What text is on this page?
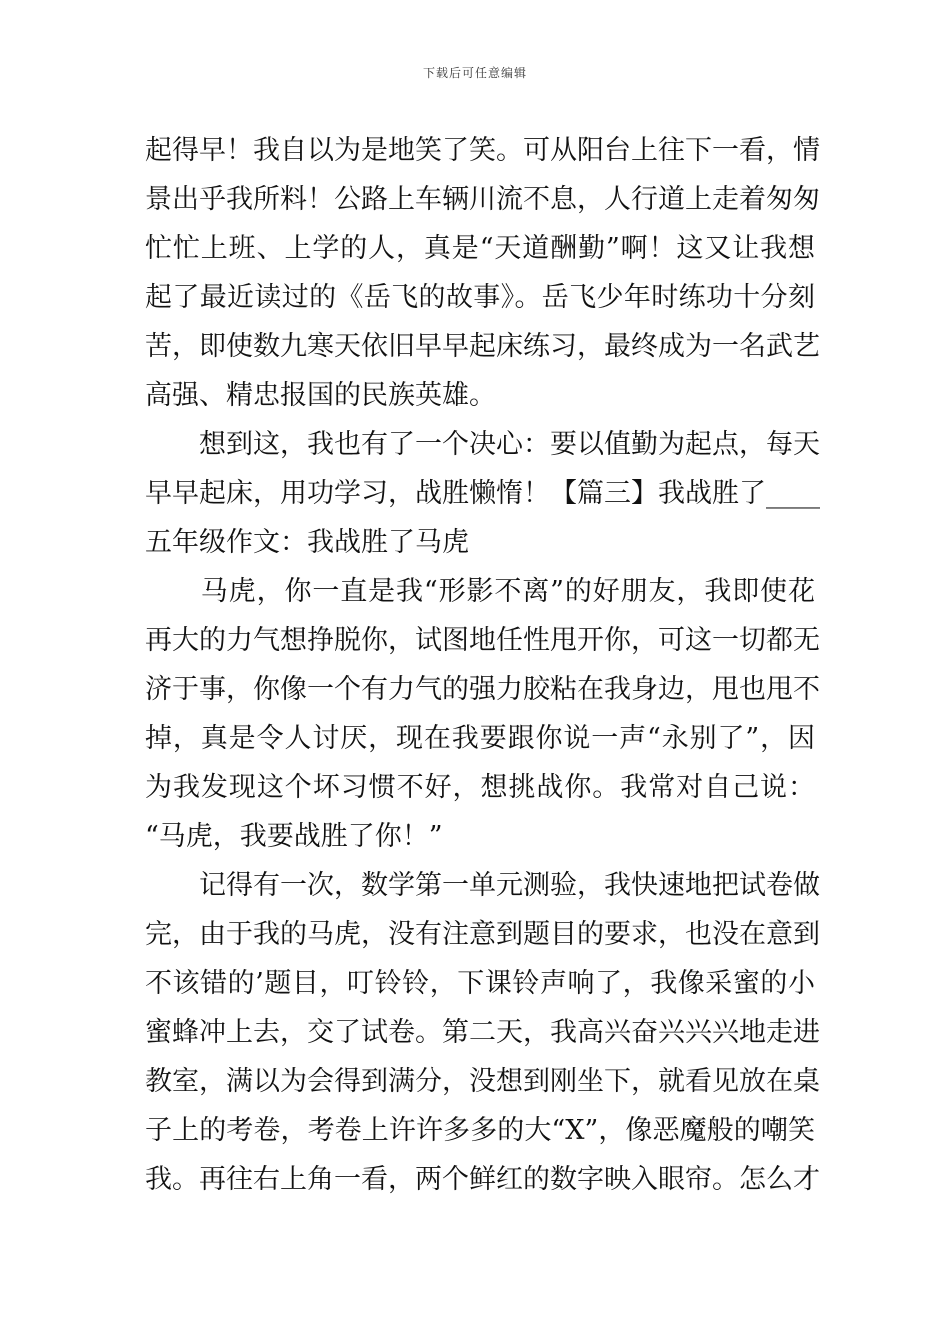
下载后可任意编辑
起得早！我自以为是地笑了笑。可从阳台上往下一看，情
景出乎我所料！公路上车辆川流不息，人行道上走着匆匆
忙忙上班、上学的人，真是“天道酬勤”啊！这又让我想
起了最近读过的《岳飞的故事》。岳飞少年时练功十分刻
苦，即使数九寒天依旧早早起床练习，最终成为一名武艺
高强、精忠报国的民族英雄。
　　想到这，我也有了一个决心：要以值勤为起点，每天
早早起床，用功学习，战胜懒惰！【篇三】我战胜了____
五年级作文：我战胜了马虎
　　马虎，你一直是我“形影不离”的好朋友，我即使花
再大的力气想挣脱你，试图地任性甩开你，可这一切都无
济于事，你像一个有力气的强力胶粘在我身边，甩也甩不
掉，真是令人讨厌，现在我要跟你说一声“永别了”，因
为我发现这个坏习惯不好，想挑战你。我常对自己说：
“马虎，我要战胜了你！”
　　记得有一次，数学第一单元测验，我快速地把试卷做
完，由于我的马虎，没有注意到题目的要求，也没在意到
不该错的’题目，叮铃铃，下课铃声响了，我像采蜜的小
蜜蜂冲上去，交了试卷。第二天，我高兴奋兴兴兴地走进
教室，满以为会得到满分，没想到刚坐下，就看见放在桌
子上的考卷，考卷上许许多多的大“X”，像恶魔般的嘲笑
我。再往右上角一看，两个鲜红的数字映入眼帘。怎么才
